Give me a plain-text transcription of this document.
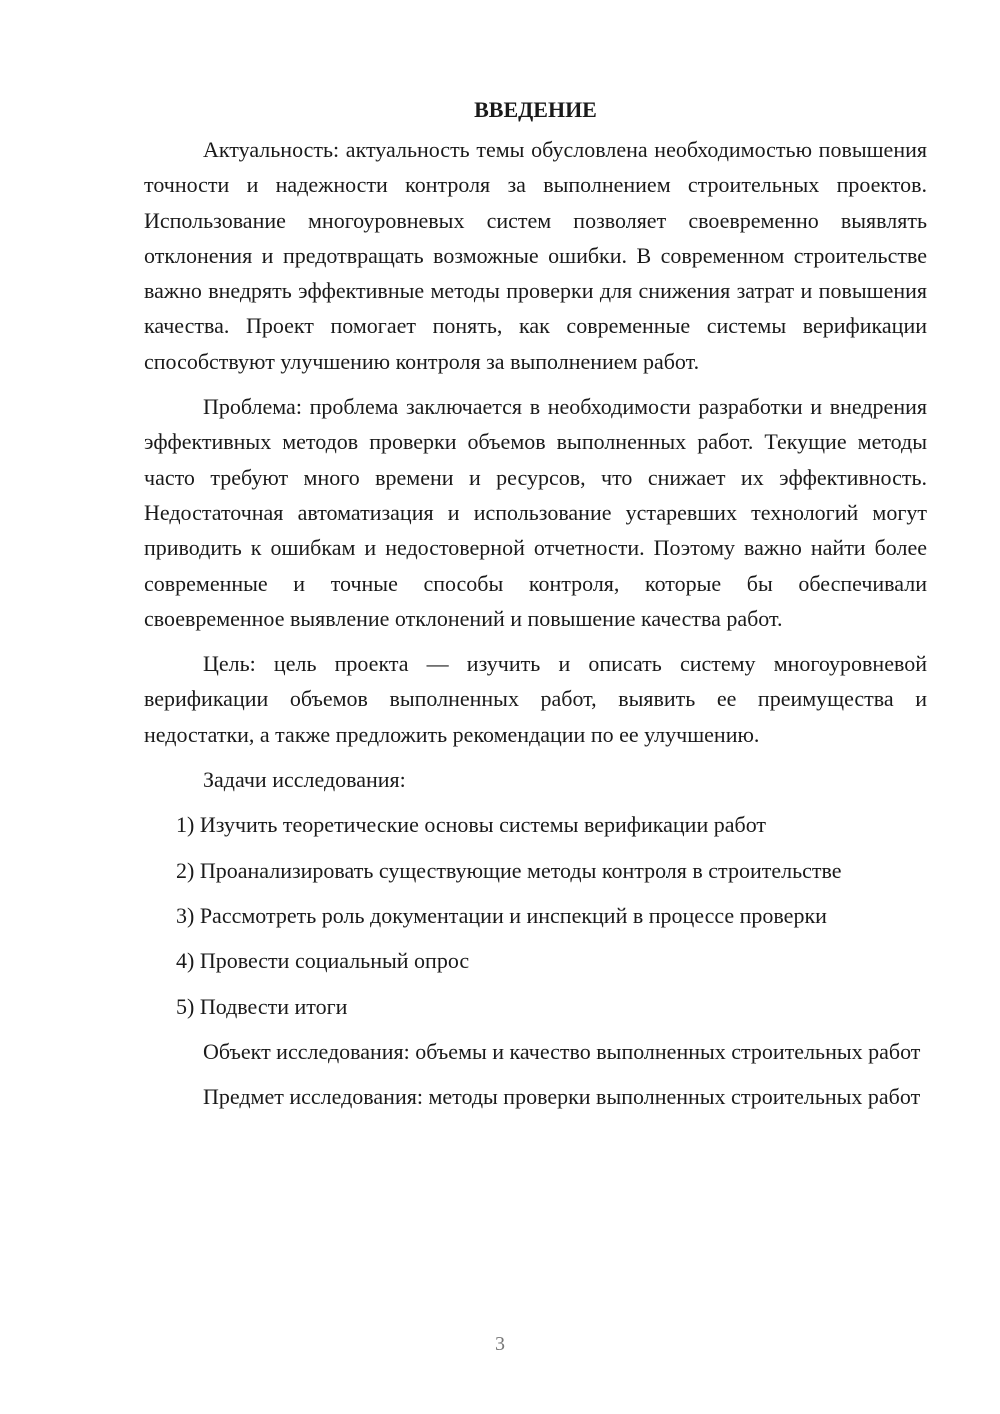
ВВЕДЕНИЕ

Актуальность: актуальность темы обусловлена необходимостью повышения точности и надежности контроля за выполнением строительных проектов. Использование многоуровневых систем позволяет своевременно выявлять отклонения и предотвращать возможные ошибки. В современном строительстве важно внедрять эффективные методы проверки для снижения затрат и повышения качества. Проект помогает понять, как современные системы верификации способствуют улучшению контроля за выполнением работ.

Проблема: проблема заключается в необходимости разработки и внедрения эффективных методов проверки объемов выполненных работ. Текущие методы часто требуют много времени и ресурсов, что снижает их эффективность. Недостаточная автоматизация и использование устаревших технологий могут приводить к ошибкам и недостоверной отчетности. Поэтому важно найти более современные и точные способы контроля, которые бы обеспечивали своевременное выявление отклонений и повышение качества работ.

Цель: цель проекта — изучить и описать систему многоуровневой верификации объемов выполненных работ, выявить ее преимущества и недостатки, а также предложить рекомендации по ее улучшению.

Задачи исследования:

1) Изучить теоретические основы системы верификации работ

2) Проанализировать существующие методы контроля в строительстве

3) Рассмотреть роль документации и инспекций в процессе проверки

4) Провести социальный опрос

5) Подвести итоги

Объект исследования: объемы и качество выполненных строительных работ

Предмет исследования: методы проверки выполненных строительных работ

3
